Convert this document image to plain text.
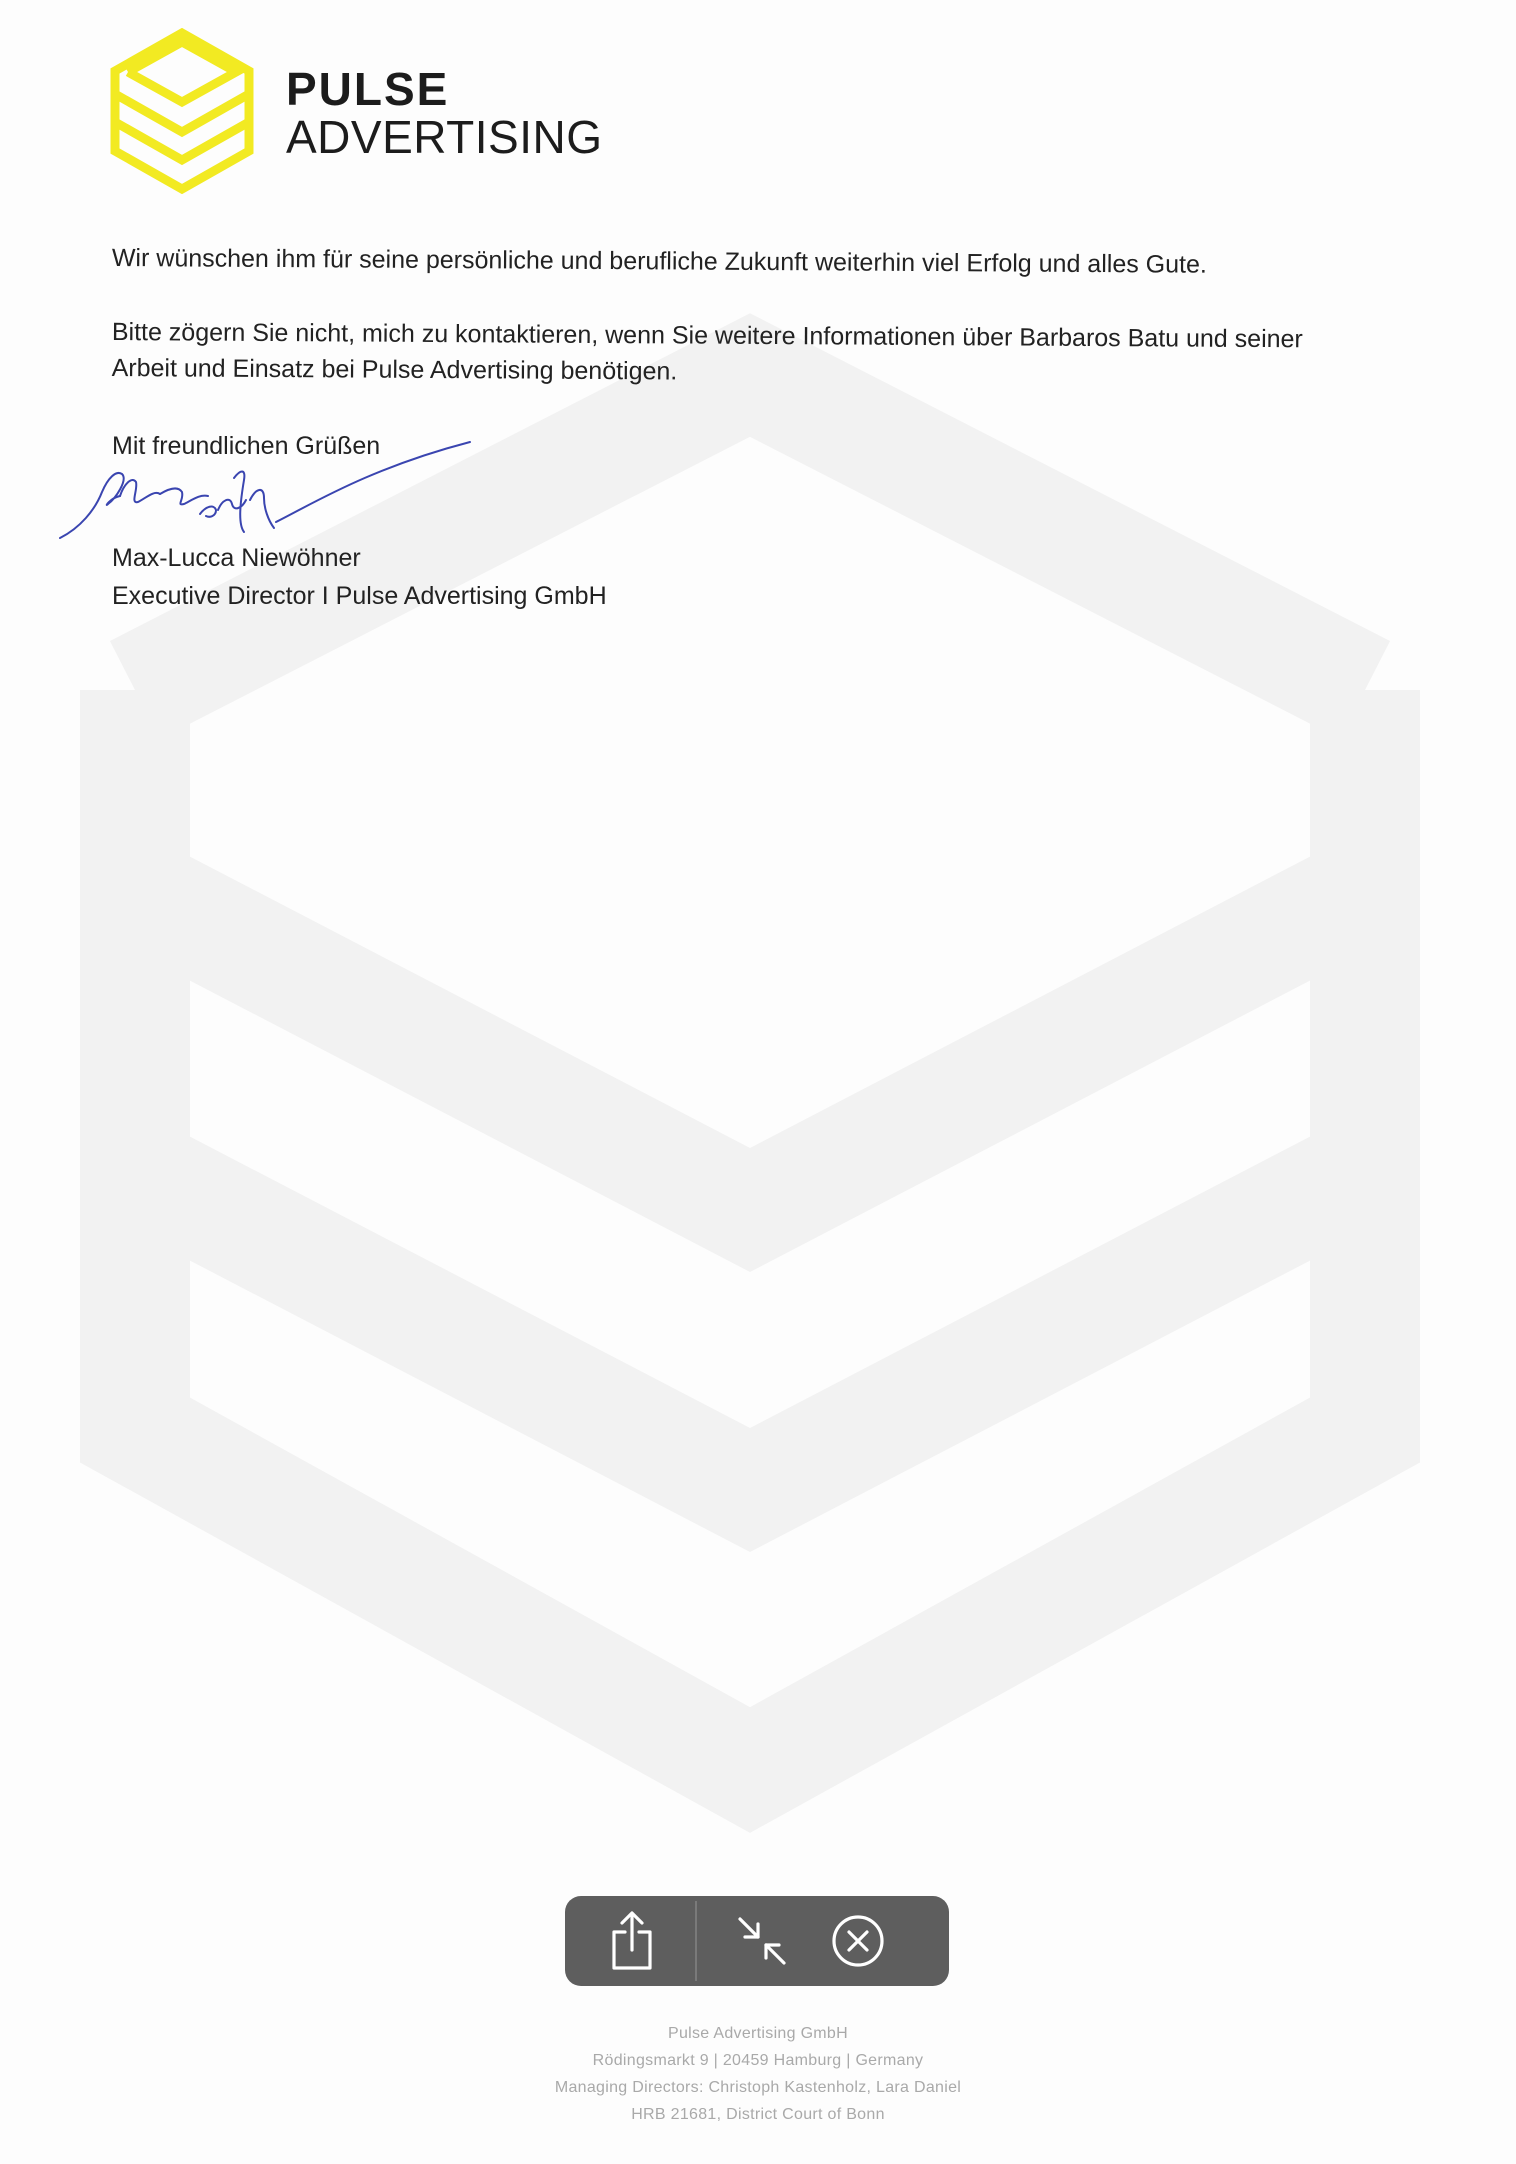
PULSE
ADVERTISING
Wir wünschen ihm für seine persönliche und berufliche Zukunft weiterhin viel Erfolg und alles Gute.
Bitte zögern Sie nicht, mich zu kontaktieren, wenn Sie weitere Informationen über Barbaros Batu und seiner
Arbeit und Einsatz bei Pulse Advertising benötigen.
Mit freundlichen Grüßen
Max-Lucca Niewöhner
Executive Director I Pulse Advertising GmbH
Pulse Advertising GmbH
Rödingsmarkt 9 | 20459 Hamburg | Germany
Managing Directors: Christoph Kastenholz, Lara Daniel
HRB 21681, District Court of Bonn
